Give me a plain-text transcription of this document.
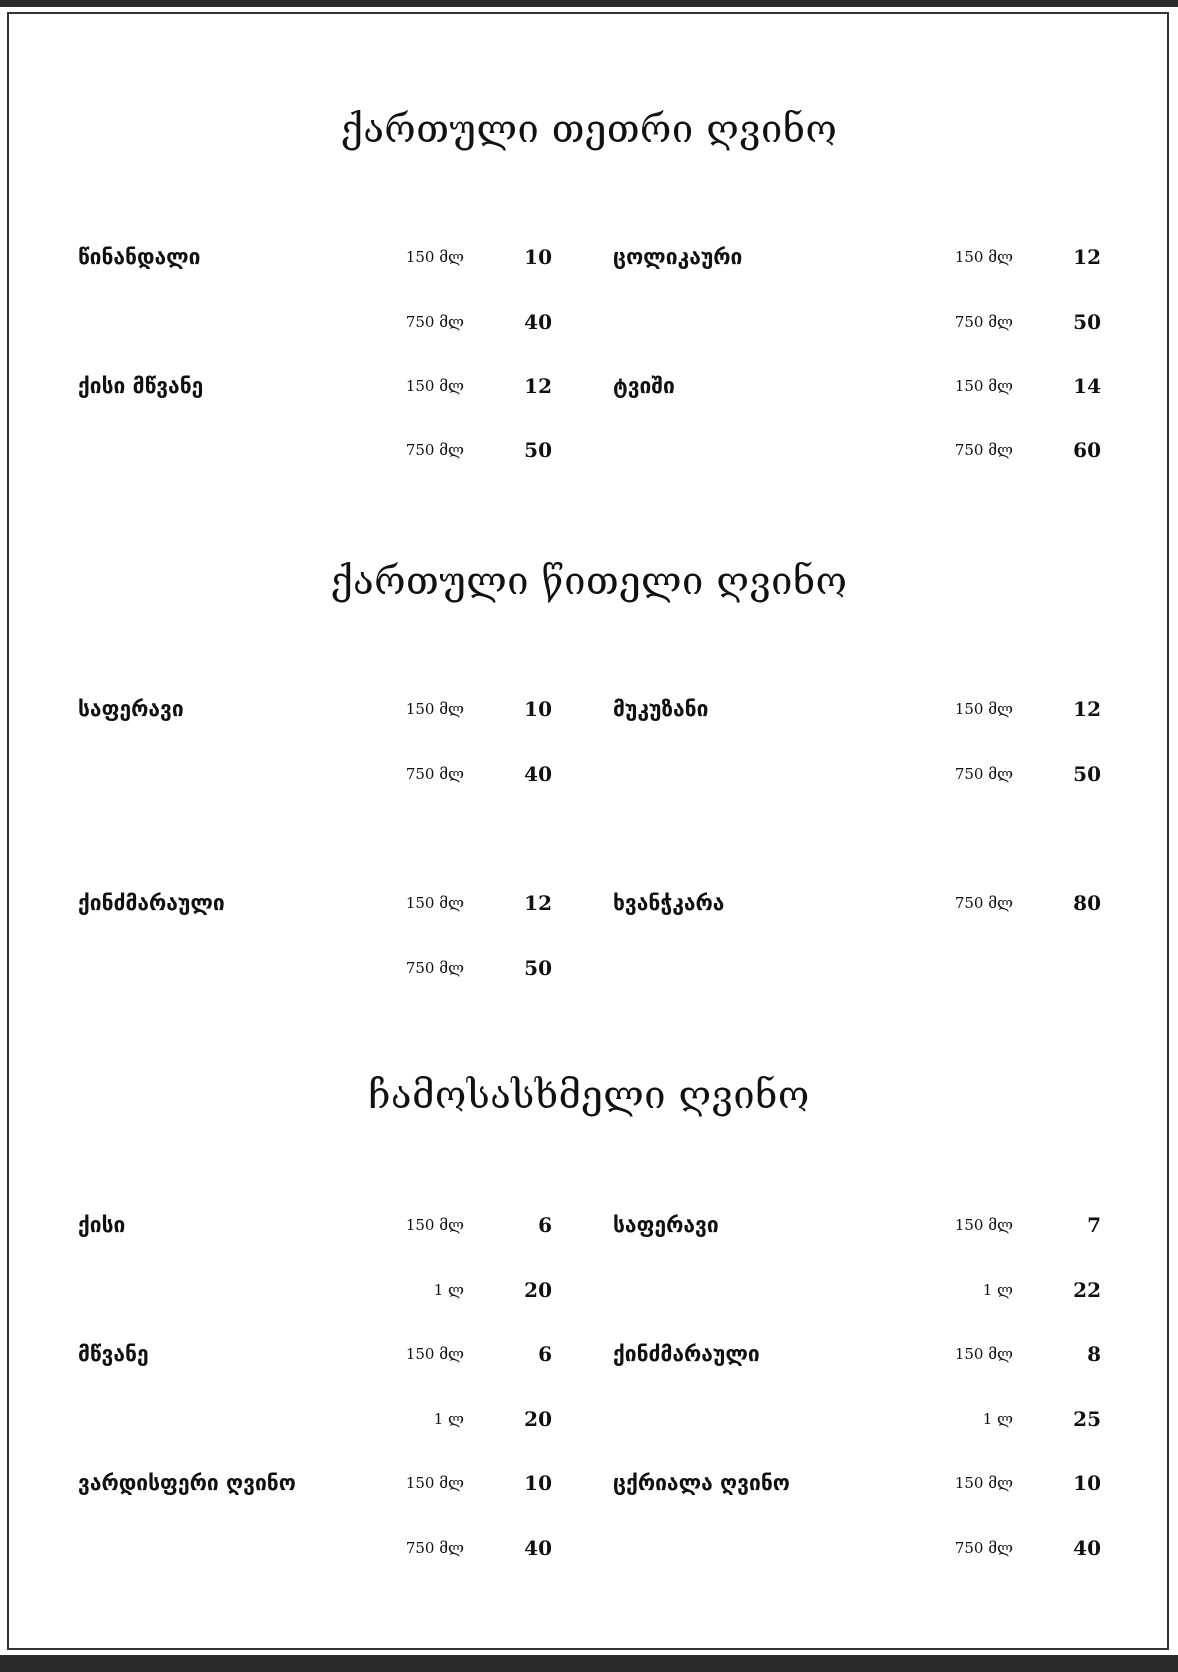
ქართული თეთრი ღვინო
წინანდალი	150 მლ	10
750 მლ	40
ცოლიკაური	150 მლ	12
750 მლ	50
ქისი მწვანე	150 მლ	12
750 მლ	50
ტვიში	150 მლ	14
750 მლ	60
ქართული წითელი ღვინო
საფერავი	150 მლ	10
750 მლ	40
მუკუზანი	150 მლ	12
750 მლ	50
ქინძმარაული	150 მლ	12
750 მლ	50
ხვანჭკარა	750 მლ	80
ჩამოსასხმელი ღვინო
ქისი	150 მლ	6
1 ლ	20
საფერავი	150 მლ	7
1 ლ	22
მწვანე	150 მლ	6
1 ლ	20
ქინძმარაული	150 მლ	8
1 ლ	25
ვარდისფერი ღვინო	150 მლ	10
750 მლ	40
ცქრიალა ღვინო	150 მლ	10
750 მლ	40
